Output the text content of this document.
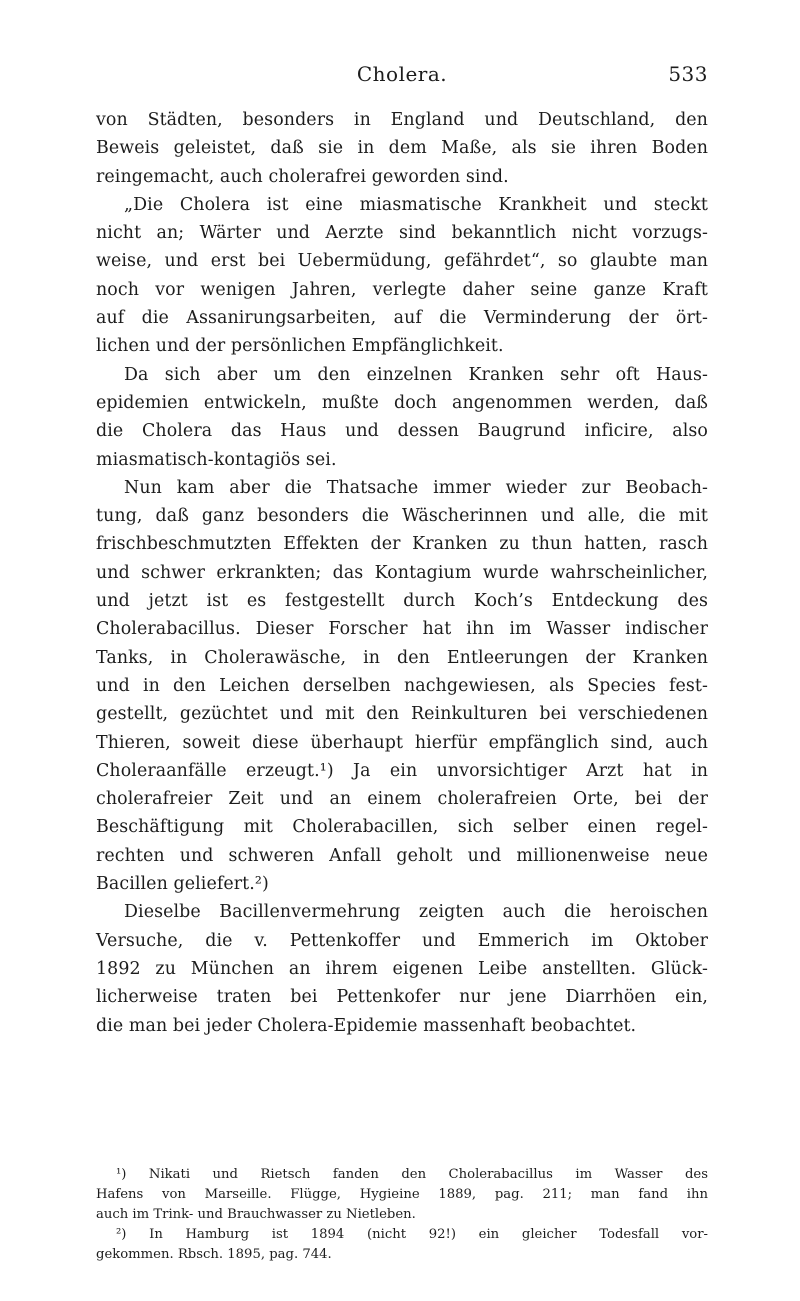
Cholera.	533

von Städten, besonders in England und Deutschland, den

Beweis geleistet, daß sie in dem Maße, als sie ihren Boden

reingemacht, auch cholerafrei geworden sind.

„Die Cholera ist eine miasmatische Krankheit und steckt

nicht an; Wärter und Aerzte sind bekanntlich nicht vorzugs-

weise, und erst bei Uebermüdung, gefährdet“, so glaubte man

noch vor wenigen Jahren, verlegte daher seine ganze Kraft

auf die Assanirungsarbeiten, auf die Verminderung der ört-

lichen und der persönlichen Empfänglichkeit.

Da sich aber um den einzelnen Kranken sehr oft Haus-

epidemien entwickeln, mußte doch angenommen werden, daß

die Cholera das Haus und dessen Baugrund inficire, also

miasmatisch-kontagiös sei.

Nun kam aber die Thatsache immer wieder zur Beobach-

tung, daß ganz besonders die Wäscherinnen und alle, die mit

frischbeschmutzten Effekten der Kranken zu thun hatten, rasch

und schwer erkrankten; das Kontagium wurde wahrscheinlicher,

und jetzt ist es festgestellt durch Koch’s Entdeckung des

Cholerabacillus. Dieser Forscher hat ihn im Wasser indischer

Tanks, in Cholerawäsche, in den Entleerungen der Kranken

und in den Leichen derselben nachgewiesen, als Species fest-

gestellt, gezüchtet und mit den Reinkulturen bei verschiedenen

Thieren, soweit diese überhaupt hierfür empfänglich sind, auch

Choleraanfälle erzeugt.¹) Ja ein unvorsichtiger Arzt hat in

cholerafreier Zeit und an einem cholerafreien Orte, bei der

Beschäftigung mit Cholerabacillen, sich selber einen regel-

rechten und schweren Anfall geholt und millionenweise neue

Bacillen geliefert.²)

Dieselbe Bacillenvermehrung zeigten auch die heroischen

Versuche, die v. Pettenkoffer und Emmerich im Oktober

1892 zu München an ihrem eigenen Leibe anstellten. Glück-

licherweise traten bei Pettenkofer nur jene Diarrhöen ein,

die man bei jeder Cholera-Epidemie massenhaft beobachtet.

¹) Nikati und Rietsch fanden den Cholerabacillus im Wasser des

Hafens von Marseille. Flügge, Hygieine 1889, pag. 211; man fand ihn

auch im Trink- und Brauchwasser zu Nietleben.

²) In Hamburg ist 1894 (nicht 92!) ein gleicher Todesfall vor-

gekommen. Rbsch. 1895, pag. 744.
